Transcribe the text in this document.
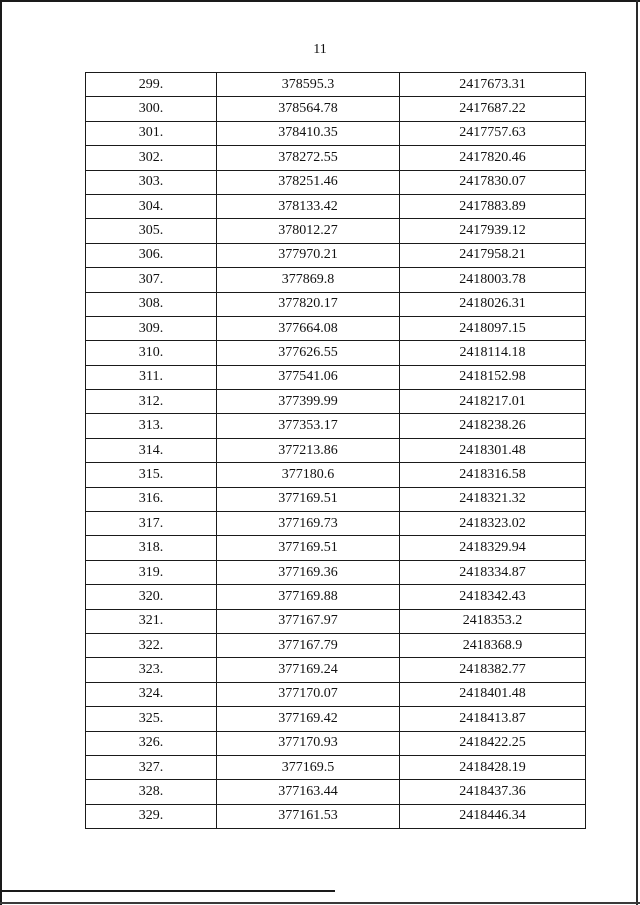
11
299.	378595.3	2417673.31
300.	378564.78	2417687.22
301.	378410.35	2417757.63
302.	378272.55	2417820.46
303.	378251.46	2417830.07
304.	378133.42	2417883.89
305.	378012.27	2417939.12
306.	377970.21	2417958.21
307.	377869.8	2418003.78
308.	377820.17	2418026.31
309.	377664.08	2418097.15
310.	377626.55	2418114.18
311.	377541.06	2418152.98
312.	377399.99	2418217.01
313.	377353.17	2418238.26
314.	377213.86	2418301.48
315.	377180.6	2418316.58
316.	377169.51	2418321.32
317.	377169.73	2418323.02
318.	377169.51	2418329.94
319.	377169.36	2418334.87
320.	377169.88	2418342.43
321.	377167.97	2418353.2
322.	377167.79	2418368.9
323.	377169.24	2418382.77
324.	377170.07	2418401.48
325.	377169.42	2418413.87
326.	377170.93	2418422.25
327.	377169.5	2418428.19
328.	377163.44	2418437.36
329.	377161.53	2418446.34
